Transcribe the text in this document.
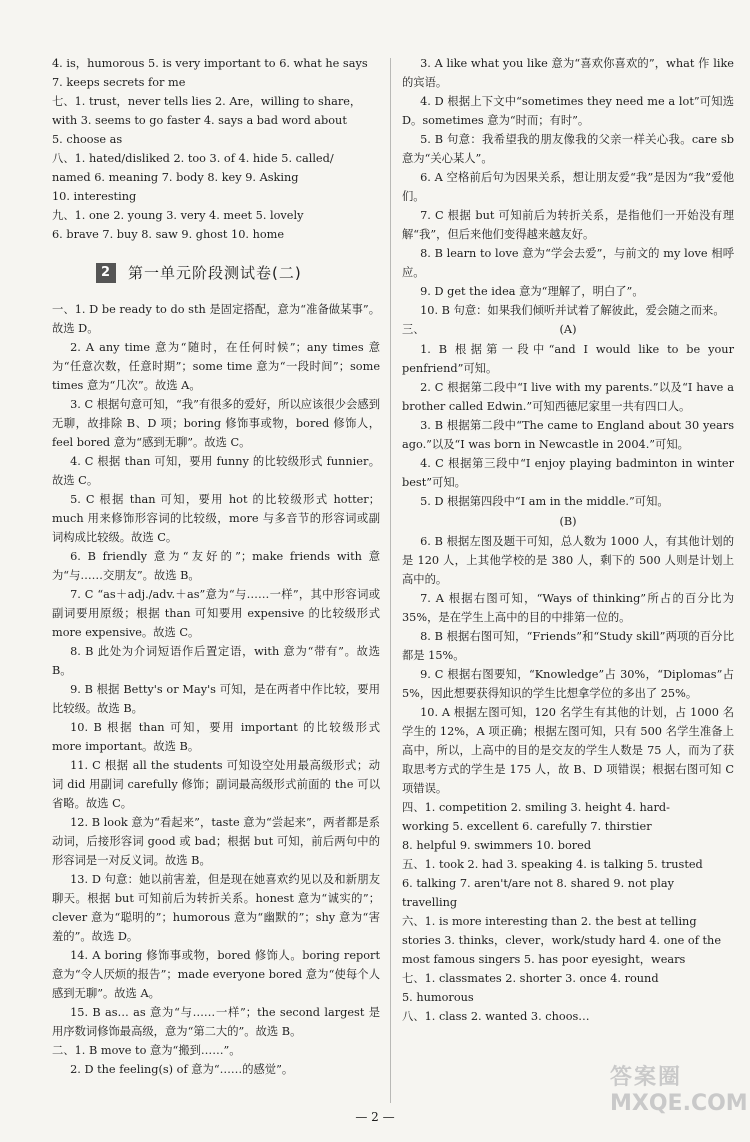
4. is，humorous 5. is very important to 6. what he says
7. keeps secrets for me
七、1. trust，never tells lies 2. Are，willing to share，
with 3. seems to go faster 4. says a bad word about
5. choose as
八、1. hated/disliked 2. too 3. of 4. hide 5. called/
named 6. meaning 7. body 8. key 9. Asking
10. interesting
九、1. one 2. young 3. very 4. meet 5. lovely
6. brave 7. buy 8. saw 9. ghost 10. home
2 第一单元阶段测试卷(二)
一、1. D be ready to do sth 是固定搭配，意为“准备做某事”。故选 D。
2. A any time 意为“随时，在任何时候”；any times 意为“任意次数，任意时期”；some time 意为“一段时间”；some times 意为“几次”。故选 A。
3. C 根据句意可知，“我”有很多的爱好，所以应该很少会感到无聊，故排除 B、D 项；boring 修饰事或物，bored 修饰人，feel bored 意为“感到无聊”。故选 C。
4. C 根据 than 可知，要用 funny 的比较级形式 funnier。故选 C。
5. C 根据 than 可知，要用 hot 的比较级形式 hotter；much 用来修饰形容词的比较级，more 与多音节的形容词或副词构成比较级。故选 C。
6. B friendly 意为“友好的”；make friends with 意为“与……交朋友”。故选 B。
7. C “as＋adj./adv.＋as”意为“与……一样”，其中形容词或副词要用原级；根据 than 可知要用 expensive 的比较级形式 more expensive。故选 C。
8. B 此处为介词短语作后置定语，with 意为“带有”。故选 B。
9. B 根据 Betty's or May's 可知，是在两者中作比较，要用比较级。故选 B。
10. B 根据 than 可知，要用 important 的比较级形式 more important。故选 B。
11. C 根据 all the students 可知设空处用最高级形式；动词 did 用副词 carefully 修饰；副词最高级形式前面的 the 可以省略。故选 C。
12. B look 意为“看起来”，taste 意为“尝起来”，两者都是系动词，后接形容词 good 或 bad；根据 but 可知，前后两句中的形容词是一对反义词。故选 B。
13. D 句意：她以前害羞，但是现在她喜欢约见以及和新朋友聊天。根据 but 可知前后为转折关系。honest 意为“诚实的”；clever 意为“聪明的”；humorous 意为“幽默的”；shy 意为“害羞的”。故选 D。
14. A boring 修饰事或物，bored 修饰人。boring report 意为“令人厌烦的报告”；made everyone bored 意为“使每个人感到无聊”。故选 A。
15. B as… as 意为“与……一样”；the second largest 是用序数词修饰最高级，意为“第二大的”。故选 B。
二、1. B move to 意为“搬到……”。
2. D the feeling(s) of 意为“……的感觉”。
3. A like what you like 意为“喜欢你喜欢的”，what 作 like 的宾语。
4. D 根据上下文中“sometimes they need me a lot”可知选 D。sometimes 意为“时而；有时”。
5. B 句意：我希望我的朋友像我的父亲一样关心我。care sb 意为“关心某人”。
6. A 空格前后句为因果关系，想让朋友爱“我”是因为“我”爱他们。
7. C 根据 but 可知前后为转折关系，是指他们一开始没有理解“我”，但后来他们变得越来越友好。
8. B learn to love 意为“学会去爱”，与前文的 my love 相呼应。
9. D get the idea 意为“理解了，明白了”。
10. B 句意：如果我们倾听并试着了解彼此，爱会随之而来。
三、	(A)
1. B 根据第一段中“and I would like to be your penfriend”可知。
2. C 根据第二段中“I live with my parents.”以及“I have a brother called Edwin.”可知西德尼家里一共有四口人。
3. B 根据第二段中“The came to England about 30 years ago.”以及“I was born in Newcastle in 2004.”可知。
4. C 根据第三段中“I enjoy playing badminton in winter best”可知。
5. D 根据第四段中“I am in the middle.”可知。
(B)
6. B 根据左图及题干可知，总人数为 1000 人，有其他计划的是 120 人，上其他学校的是 380 人，剩下的 500 人则是计划上高中的。
7. A 根据右图可知，“Ways of thinking”所占的百分比为 35%，是在学生上高中的目的中排第一位的。
8. B 根据右图可知，“Friends”和“Study skill”两项的百分比都是 15%。
9. C 根据右图要知，“Knowledge”占 30%，“Diplomas”占 5%，因此想要获得知识的学生比想拿学位的多出了 25%。
10. A 根据左图可知，120 名学生有其他的计划，占 1000 名学生的 12%，A 项正确；根据左图可知，只有 500 名学生准备上高中，所以，上高中的目的是交友的学生人数是 75 人，而为了获取思考方式的学生是 175 人，故 B、D 项错误；根据右图可知 C 项错误。
四、1. competition 2. smiling 3. height 4. hard-
working 5. excellent 6. carefully 7. thirstier
8. helpful 9. swimmers 10. bored
五、1. took 2. had 3. speaking 4. is talking 5. trusted
6. talking 7. aren't/are not 8. shared 9. not play
travelling
六、1. is more interesting than 2. the best at telling
stories 3. thinks，clever，work/study hard 4. one of the
most famous singers 5. has poor eyesight，wears
七、1. classmates 2. shorter 3. once 4. round
5. humorous
八、1. class 2. wanted 3. choos…
— 2 —
答案圈
MXQE.COM
